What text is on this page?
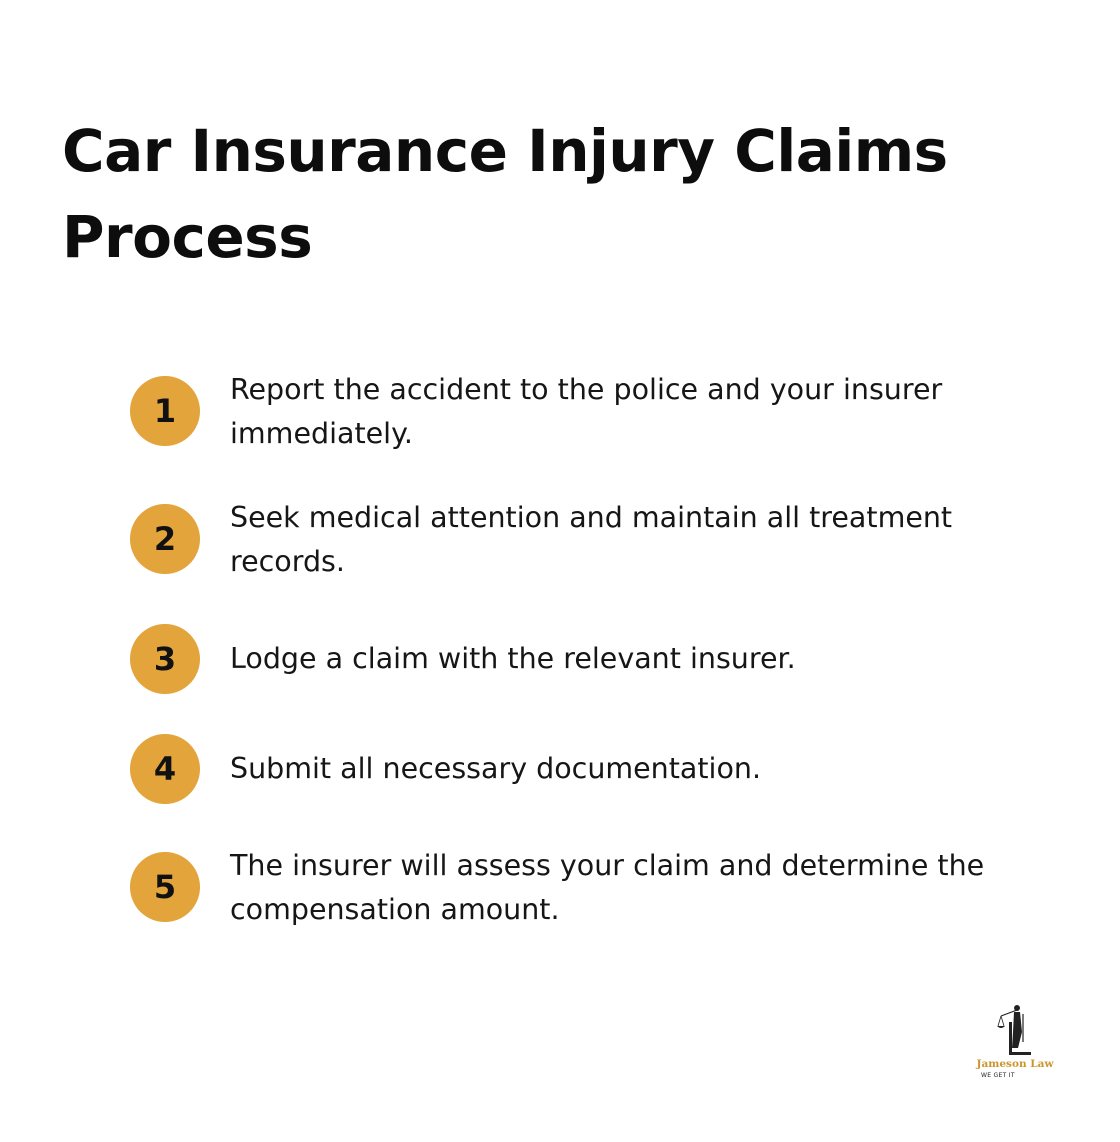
Car Insurance Injury Claims Process
1

Report the accident to the police and your insurer immediately.

2

Seek medical attention and maintain all treatment records.

3	Lodge a claim with the relevant insurer.

4	Submit all necessary documentation.

5

The insurer will assess your claim and determine the compensation amount.

Jameson Law
WE GET IT
